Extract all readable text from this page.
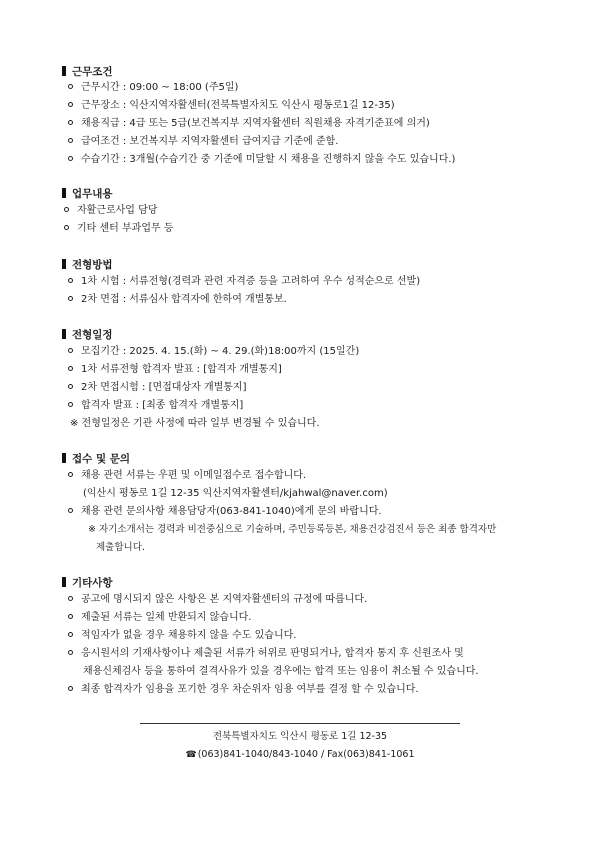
근무조건
근무시간 : 09:00 ~ 18:00 (주5일)
근무장소 : 익산지역자활센터(전북특별자치도 익산시 평동로1길 12-35)
채용직급 : 4급 또는 5급(보건복지부 지역자활센터 직원채용 자격기준표에 의거)
급여조건 : 보건복지부 지역자활센터 급여지급 기준에 준함.
수습기간 : 3개월(수습기간 중 기준에 미달할 시 채용을 진행하지 않을 수도 있습니다.)
업무내용
자활근로사업 담당
기타 센터 부과업무 등
전형방법
1차 시험 : 서류전형(경력과 관련 자격증 등을 고려하여 우수 성적순으로 선발)
2차 면접 : 서류심사 합격자에 한하여 개별통보.
전형일정
모집기간 : 2025. 4. 15.(화) ~ 4. 29.(화)18:00까지 (15일간)
1차 서류전형 합격자 발표 : [합격자 개별통지]
2차 면접시험 : [면접대상자 개별통지]
합격자 발표 : [최종 합격자 개별통지]
※ 전형일정은 기관 사정에 따라 일부 변경될 수 있습니다.
접수 및 문의
채용 관련 서류는 우편 및 이메일접수로 접수합니다.
(익산시 평동로 1길 12-35 익산지역자활센터/kjahwal@naver.com)
채용 관련 문의사항 채용담당자(063-841-1040)에게 문의 바랍니다.
※ 자기소개서는 경력과 비전중심으로 기술하며, 주민등록등본, 채용건강검진서 등은 최종 합격자만
제출합니다.
기타사항
공고에 명시되지 않은 사항은 본 지역자활센터의 규정에 따릅니다.
제출된 서류는 일체 반환되지 않습니다.
적임자가 없을 경우 채용하지 않을 수도 있습니다.
응시원서의 기재사항이나 제출된 서류가 허위로 판명되거나, 합격자 통지 후 신원조사 및
채용신체검사 등을 통하여 결격사유가 있을 경우에는 합격 또는 임용이 취소될 수 있습니다.
최종 합격자가 임용을 포기한 경우 차순위자 임용 여부를 결정 할 수 있습니다.
전북특별자치도 익산시 평동로 1길 12-35
☎(063)841-1040/843-1040 / Fax(063)841-1061
